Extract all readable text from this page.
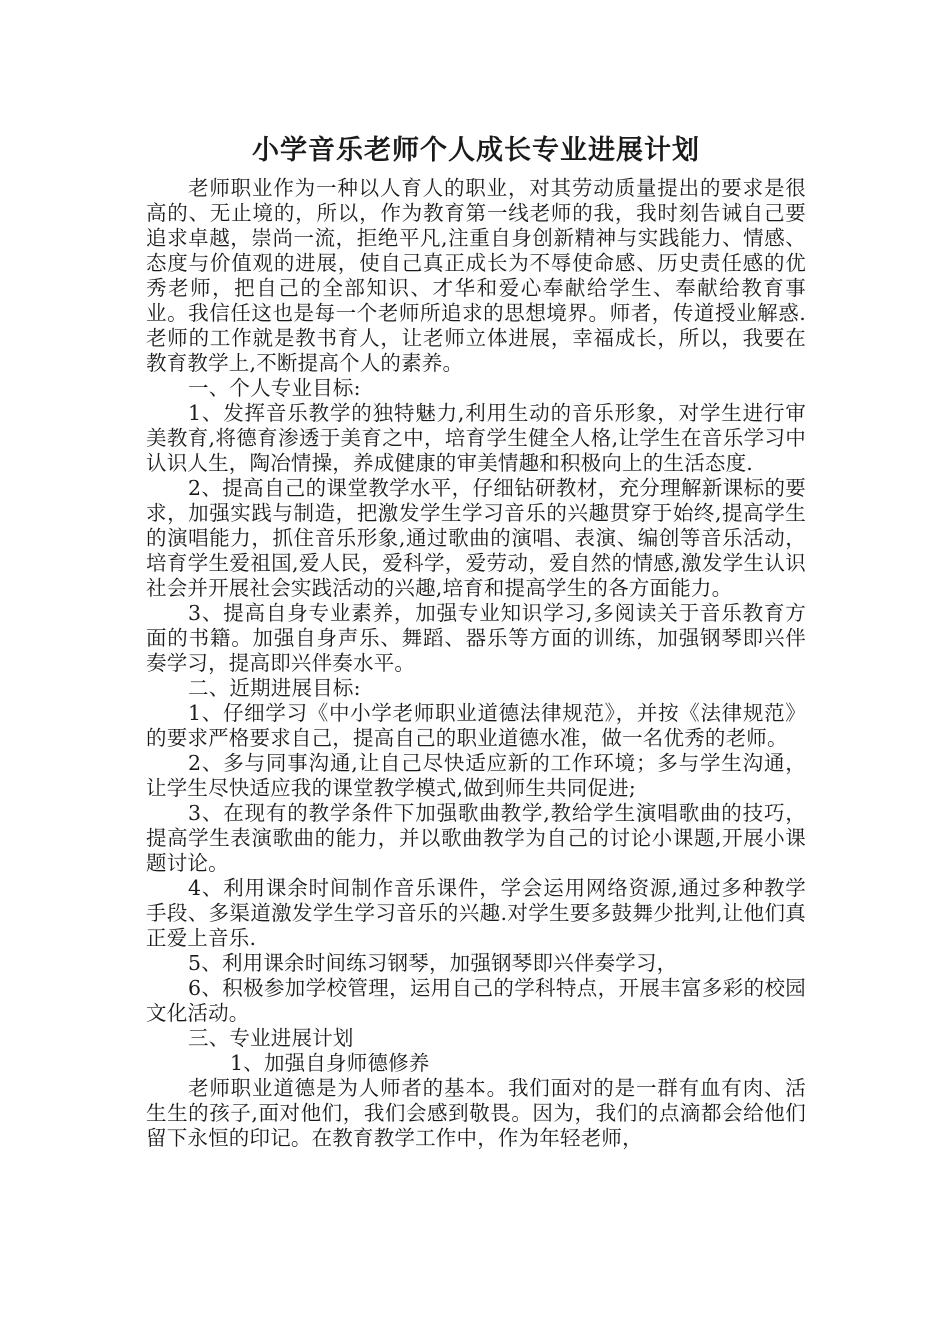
小学音乐老师个人成长专业进展计划

老师职业作为一种以人育人的职业，对其劳动质量提出的要求是很高的、无止境的，所以，作为教育第一线老师的我，我时刻告诫自己要追求卓越，崇尚一流，拒绝平凡,注重自身创新精神与实践能力、情感、态度与价值观的进展，使自己真正成长为不辱使命感、历史责任感的优秀老师，把自己的全部知识、才华和爱心奉献给学生、奉献给教育事业。我信任这也是每一个老师所追求的思想境界。师者，传道授业解惑.老师的工作就是教书育人，让老师立体进展，幸福成长，所以，我要在教育教学上,不断提高个人的素养。

一、个人专业目标:

1、发挥音乐教学的独特魅力,利用生动的音乐形象，对学生进行审美教育,将德育渗透于美育之中，培育学生健全人格,让学生在音乐学习中认识人生，陶冶情操，养成健康的审美情趣和积极向上的生活态度.

2、提高自己的课堂教学水平，仔细钻研教材，充分理解新课标的要求，加强实践与制造，把激发学生学习音乐的兴趣贯穿于始终,提高学生的演唱能力，抓住音乐形象,通过歌曲的演唱、表演、编创等音乐活动，培育学生爱祖国,爱人民，爱科学，爱劳动，爱自然的情感,激发学生认识社会并开展社会实践活动的兴趣,培育和提高学生的各方面能力。

3、提高自身专业素养，加强专业知识学习,多阅读关于音乐教育方面的书籍。加强自身声乐、舞蹈、器乐等方面的训练，加强钢琴即兴伴奏学习，提高即兴伴奏水平。

二、近期进展目标:

1、仔细学习《中小学老师职业道德法律规范》，并按《法律规范》的要求严格要求自己，提高自己的职业道德水准，做一名优秀的老师。

2、多与同事沟通,让自己尽快适应新的工作环境；多与学生沟通，让学生尽快适应我的课堂教学模式,做到师生共同促进;

3、在现有的教学条件下加强歌曲教学,教给学生演唱歌曲的技巧，提高学生表演歌曲的能力，并以歌曲教学为自己的讨论小课题,开展小课题讨论。

4、利用课余时间制作音乐课件，学会运用网络资源,通过多种教学手段、多渠道激发学生学习音乐的兴趣.对学生要多鼓舞少批判,让他们真正爱上音乐.

5、利用课余时间练习钢琴，加强钢琴即兴伴奏学习，

6、积极参加学校管理，运用自己的学科特点，开展丰富多彩的校园文化活动。

三、专业进展计划

1、加强自身师德修养

老师职业道德是为人师者的基本。我们面对的是一群有血有肉、活生生的孩子,面对他们，我们会感到敬畏。因为，我们的点滴都会给他们留下永恒的印记。在教育教学工作中，作为年轻老师，
